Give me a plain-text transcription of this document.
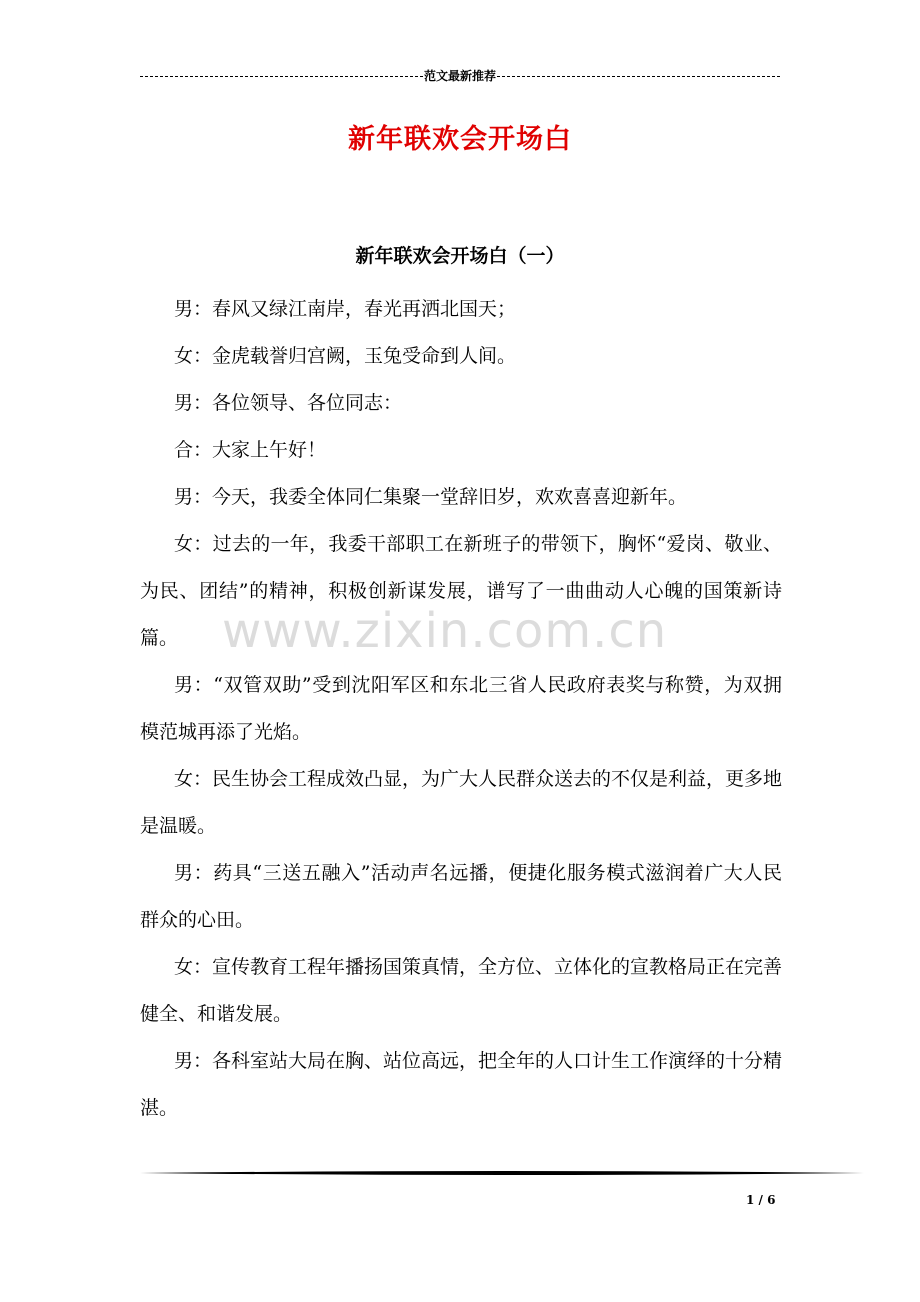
范文最新推荐
新年联欢会开场白
新年联欢会开场白（一）

男：春风又绿江南岸，春光再洒北国天；

女：金虎载誉归宫阙，玉兔受命到人间。

男：各位领导、各位同志：

合：大家上午好！

男：今天，我委全体同仁集聚一堂辞旧岁，欢欢喜喜迎新年。

女：过去的一年，我委干部职工在新班子的带领下，胸怀“爱岗、敬业、为民、团结”的精神，积极创新谋发展，谱写了一曲曲动人心魄的国策新诗篇。

男：“双管双助”受到沈阳军区和东北三省人民政府表奖与称赞，为双拥模范城再添了光焰。

女：民生协会工程成效凸显，为广大人民群众送去的不仅是利益，更多地是温暖。

男：药具“三送五融入”活动声名远播，便捷化服务模式滋润着广大人民群众的心田。

女：宣传教育工程年播扬国策真情，全方位、立体化的宣教格局正在完善健全、和谐发展。

男：各科室站大局在胸、站位高远，把全年的人口计生工作演绎的十分精湛。

www.zixin.com.cn
1 / 6
